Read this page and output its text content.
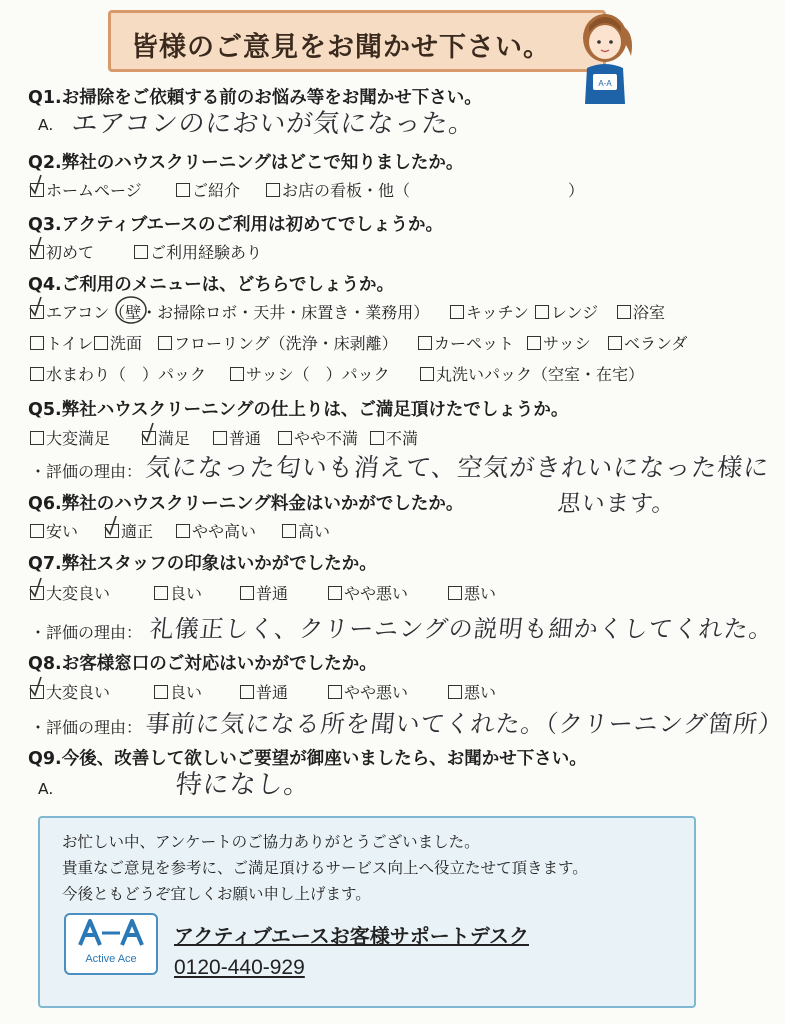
皆様のご意見をお聞かせ下さい。
A-A
Q1.お掃除をご依頼する前のお悩み等をお聞かせ下さい。
A. エアコンのにおいが気になった。
Q2.弊社のハウスクリーニングはどこで知りましたか。
ホームページ	ご紹介	お店の看板・他（	）
Q3.アクティブエースのご利用は初めてでしょうか。
初めて	ご利用経験あり
Q4.ご利用のメニューは、どちらでしょうか。
エアコン（壁・お掃除ロボ・天井・床置き・業務用）	キッチン	レンジ	浴室
トイレ	洗面	フローリング（洗浄・床剥離）	カーペット	サッシ	ベランダ
水まわり（　）パック	サッシ（　）パック	丸洗いパック（空室・在宅）
Q5.弊社ハウスクリーニングの仕上りは、ご満足頂けたでしょうか。
大変満足	満足	普通	やや不満	不満
・評価の理由： 気になった匂いも消えて、空気がきれいになった様に
思います。
Q6.弊社のハウスクリーニング料金はいかがでしたか。
安い	適正	やや高い	高い
Q7.弊社スタッフの印象はいかがでしたか。
大変良い	良い	普通	やや悪い	悪い
・評価の理由： 礼儀正しく、クリーニングの説明も細かくしてくれた。
Q8.お客様窓口のご対応はいかがでしたか。
大変良い	良い	普通	やや悪い	悪い
・評価の理由： 事前に気になる所を聞いてくれた。（クリーニング箇所）
Q9.今後、改善して欲しいご要望が御座いましたら、お聞かせ下さい。
A.	特になし。
お忙しい中、アンケートのご協力ありがとうございました。
貴重なご意見を参考に、ご満足頂けるサービス向上へ役立たせて頂きます。
今後ともどうぞ宜しくお願い申し上げます。
Active Ace
アクティブエースお客様サポートデスク
0120-440-929
